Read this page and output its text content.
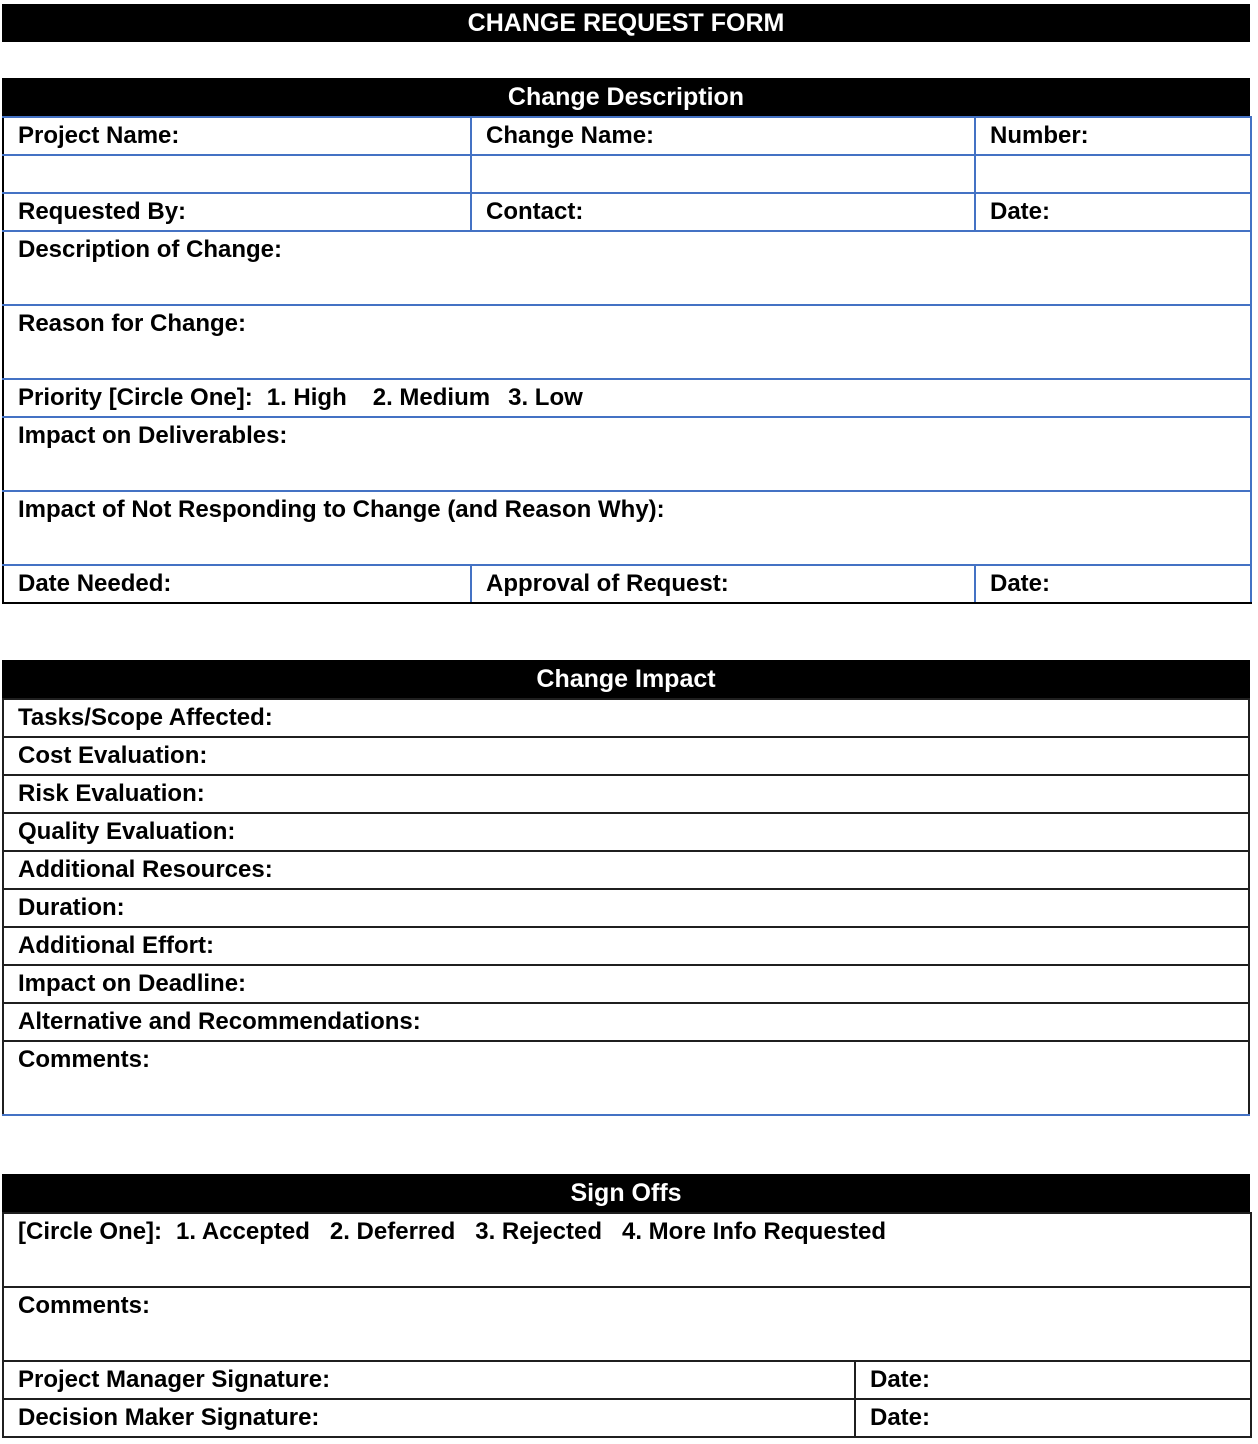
CHANGE REQUEST FORM
Change Description
Project Name:	Change Name:	Number:

Requested By:	Contact:	Date:
Description of Change:		
Reason for Change:		
Priority [Circle One]: 1. High 2. Medium 3. Low		
Impact on Deliverables:		
Impact of Not Responding to Change (and Reason Why):		
Date Needed:	Approval of Request:	Date:
Change Impact
Tasks/Scope Affected:
Cost Evaluation:
Risk Evaluation:
Quality Evaluation:
Additional Resources:
Duration:
Additional Effort:
Impact on Deadline:
Alternative and Recommendations:
Comments:
Sign Offs
[Circle One]: 1. Accepted 2. Deferred 3. Rejected 4. More Info Requested	
Comments:	
Project Manager Signature:	Date:
Decision Maker Signature:	Date:
